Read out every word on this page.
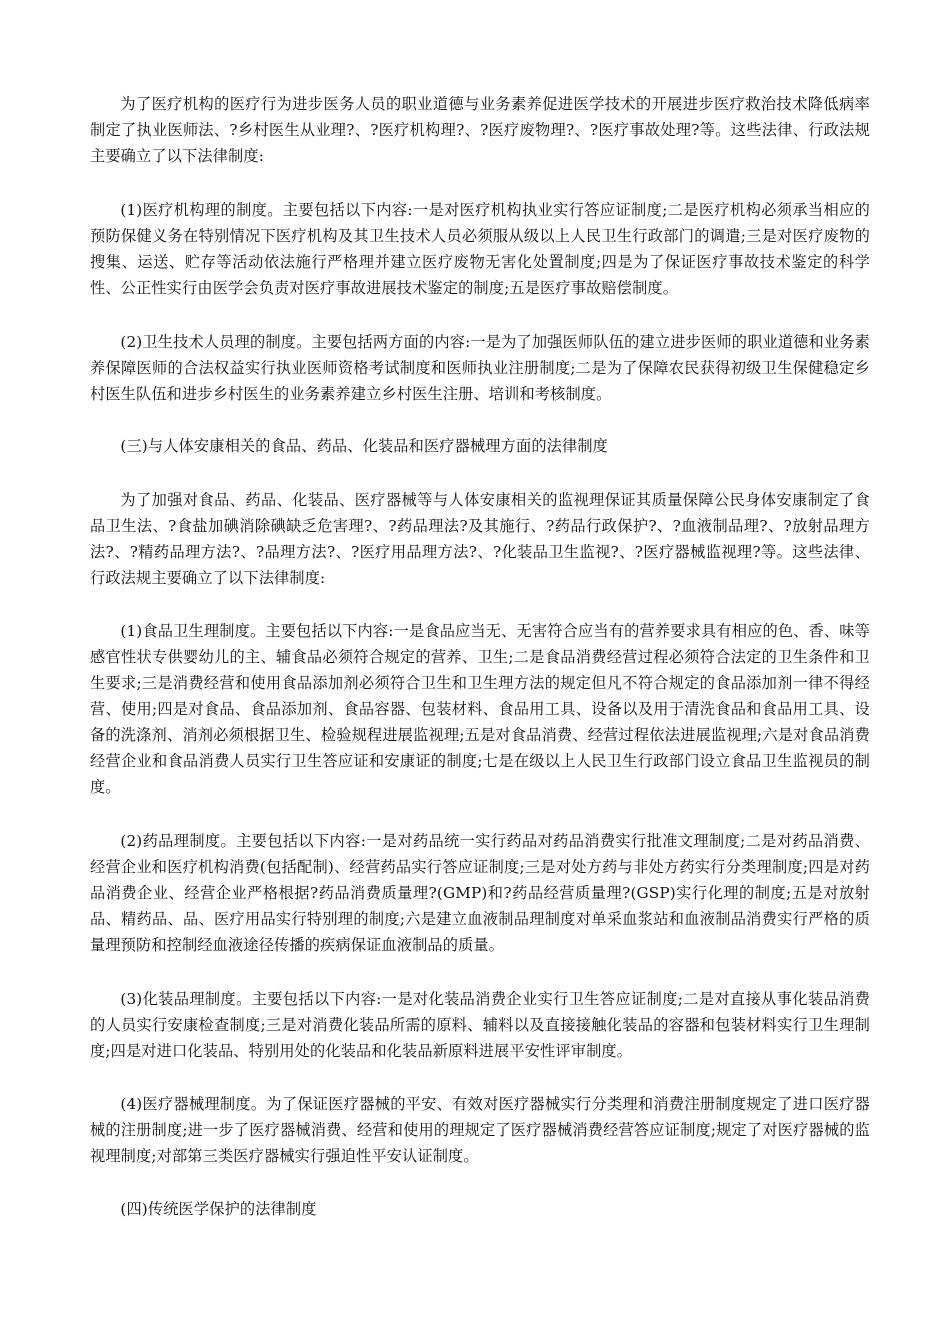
为了医疗机构的医疗行为进步医务人员的职业道德与业务素养促进医学技术的开展进步医疗救治技术降低病率制定了执业医师法、?乡村医生从业理?、?医疗机构理?、?医疗废物理?、?医疗事故处理?等。这些法律、行政法规主要确立了以下法律制度:

(1)医疗机构理的制度。主要包括以下内容:一是对医疗机构执业实行答应证制度;二是医疗机构必须承当相应的预防保健义务在特别情况下医疗机构及其卫生技术人员必须服从级以上人民卫生行政部门的调遣;三是对医疗废物的搜集、运送、贮存等活动依法施行严格理并建立医疗废物无害化处置制度;四是为了保证医疗事故技术鉴定的科学性、公正性实行由医学会负责对医疗事故进展技术鉴定的制度;五是医疗事故赔偿制度。

(2)卫生技术人员理的制度。主要包括两方面的内容:一是为了加强医师队伍的建立进步医师的职业道德和业务素养保障医师的合法权益实行执业医师资格考试制度和医师执业注册制度;二是为了保障农民获得初级卫生保健稳定乡村医生队伍和进步乡村医生的业务素养建立乡村医生注册、培训和考核制度。

(三)与人体安康相关的食品、药品、化装品和医疗器械理方面的法律制度

为了加强对食品、药品、化装品、医疗器械等与人体安康相关的监视理保证其质量保障公民身体安康制定了食品卫生法、?食盐加碘消除碘缺乏危害理?、?药品理法?及其施行、?药品行政保护?、?血液制品理?、?放射品理方法?、?精药品理方法?、?品理方法?、?医疗用品理方法?、?化装品卫生监视?、?医疗器械监视理?等。这些法律、行政法规主要确立了以下法律制度:

(1)食品卫生理制度。主要包括以下内容:一是食品应当无、无害符合应当有的营养要求具有相应的色、香、味等感官性状专供婴幼儿的主、辅食品必须符合规定的营养、卫生;二是食品消费经营过程必须符合法定的卫生条件和卫生要求;三是消费经营和使用食品添加剂必须符合卫生和卫生理方法的规定但凡不符合规定的食品添加剂一律不得经营、使用;四是对食品、食品添加剂、食品容器、包装材料、食品用工具、设备以及用于清洗食品和食品用工具、设备的洗涤剂、消剂必须根据卫生、检验规程进展监视理;五是对食品消费、经营过程依法进展监视理;六是对食品消费经营企业和食品消费人员实行卫生答应证和安康证的制度;七是在级以上人民卫生行政部门设立食品卫生监视员的制度。

(2)药品理制度。主要包括以下内容:一是对药品统一实行药品对药品消费实行批准文理制度;二是对药品消费、经营企业和医疗机构消费(包括配制)、经营药品实行答应证制度;三是对处方药与非处方药实行分类理制度;四是对药品消费企业、经营企业严格根据?药品消费质量理?(GMP)和?药品经营质量理?(GSP)实行化理的制度;五是对放射品、精药品、品、医疗用品实行特别理的制度;六是建立血液制品理制度对单采血浆站和血液制品消费实行严格的质量理预防和控制经血液途径传播的疾病保证血液制品的质量。

(3)化装品理制度。主要包括以下内容:一是对化装品消费企业实行卫生答应证制度;二是对直接从事化装品消费的人员实行安康检查制度;三是对消费化装品所需的原料、辅料以及直接接触化装品的容器和包装材料实行卫生理制度;四是对进口化装品、特别用处的化装品和化装品新原料进展平安性评审制度。

(4)医疗器械理制度。为了保证医疗器械的平安、有效对医疗器械实行分类理和消费注册制度规定了进口医疗器械的注册制度;进一步了医疗器械消费、经营和使用的理规定了医疗器械消费经营答应证制度;规定了对医疗器械的监视理制度;对部第三类医疗器械实行强迫性平安认证制度。

(四)传统医学保护的法律制度
